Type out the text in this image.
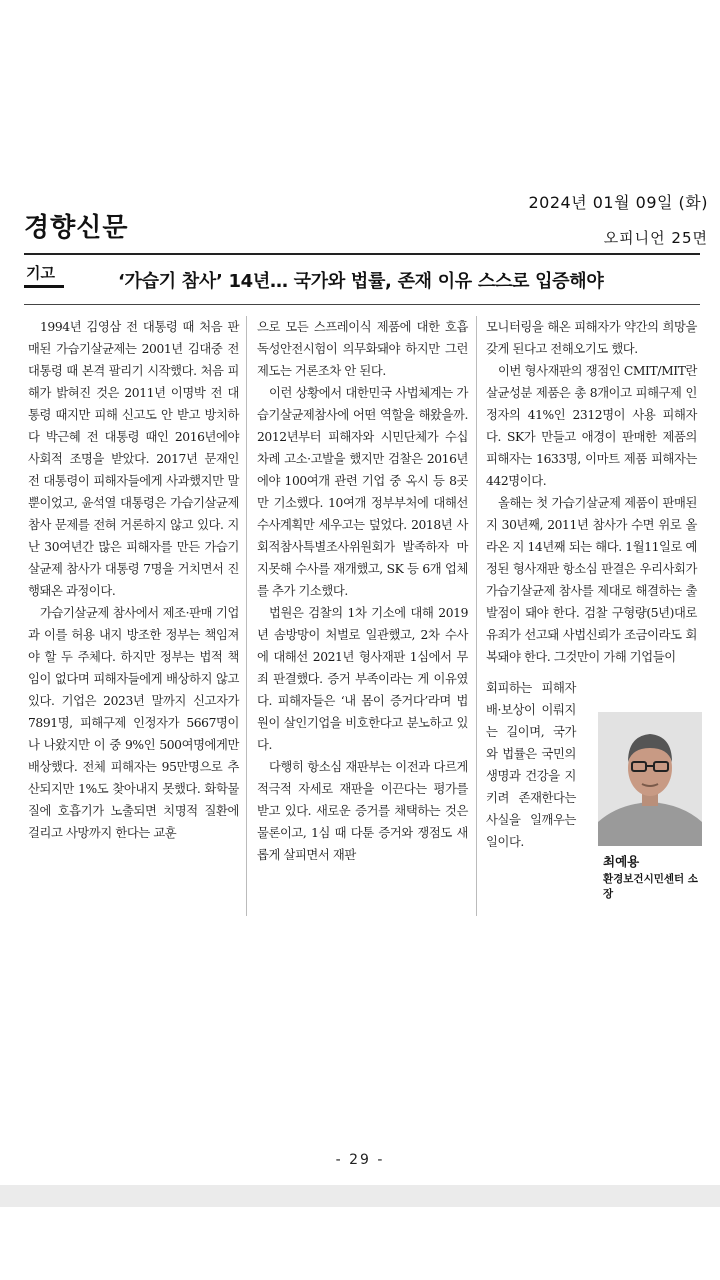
2024년 01월 09일 (화)
경향신문	오피니언 25면
기고	‘가습기 참사’ 14년… 국가와 법률, 존재 이유 스스로 입증해야

1994년 김영삼 전 대통령 때 처음 판매된 가습기살균제는 2001년 김대중 전 대통령 때 본격 팔리기 시작했다. 처음 피해가 밝혀진 것은 2011년 이명박 전 대통령 때지만 피해 신고도 안 받고 방치하다 박근혜 전 대통령 때인 2016년에야 사회적 조명을 받았다. 2017년 문재인 전 대통령이 피해자들에게 사과했지만 말뿐이었고, 윤석열 대통령은 가습기살균제 참사 문제를 전혀 거론하지 않고 있다. 지난 30여년간 많은 피해자를 만든 가습기살균제 참사가 대통령 7명을 거치면서 진행돼온 과정이다.

가습기살균제 참사에서 제조·판매 기업과 이를 허용 내지 방조한 정부는 책임져야 할 두 주체다. 하지만 정부는 법적 책임이 없다며 피해자들에게 배상하지 않고 있다. 기업은 2023년 말까지 신고자가 7891명, 피해구제 인정자가 5667명이나 나왔지만 이 중 9%인 500여명에게만 배상했다. 전체 피해자는 95만명으로 추산되지만 1%도 찾아내지 못했다. 화학물질에 호흡기가 노출되면 치명적 질환에 걸리고 사망까지 한다는 교훈

으로 모든 스프레이식 제품에 대한 호흡독성안전시험이 의무화돼야 하지만 그런 제도는 거론조차 안 된다.

이런 상황에서 대한민국 사법체계는 가습기살균제참사에 어떤 역할을 해왔을까. 2012년부터 피해자와 시민단체가 수십차례 고소·고발을 했지만 검찰은 2016년에야 100여개 관련 기업 중 옥시 등 8곳만 기소했다. 10여개 정부부처에 대해선 수사계획만 세우고는 덮었다. 2018년 사회적참사특별조사위원회가 발족하자 마지못해 수사를 재개했고, SK 등 6개 업체를 추가 기소했다.

법원은 검찰의 1차 기소에 대해 2019년 솜방망이 처벌로 일관했고, 2차 수사에 대해선 2021년 형사재판 1심에서 무죄 판결했다. 증거 부족이라는 게 이유였다. 피해자들은 ‘내 몸이 증거다’라며 법원이 살인기업을 비호한다고 분노하고 있다.

다행히 항소심 재판부는 이전과 다르게 적극적 자세로 재판을 이끈다는 평가를 받고 있다. 새로운 증거를 채택하는 것은 물론이고, 1심 때 다툰 증거와 쟁점도 새롭게 살피면서 재판

모니터링을 해온 피해자가 약간의 희망을 갖게 된다고 전해오기도 했다.

이번 형사재판의 쟁점인 CMIT/MIT란 살균성분 제품은 총 8개이고 피해구제 인정자의 41%인 2312명이 사용 피해자다. SK가 만들고 애경이 판매한 제품의 피해자는 1633명, 이마트 제품 피해자는 442명이다.

올해는 첫 가습기살균제 제품이 판매된 지 30년째, 2011년 참사가 수면 위로 올라온 지 14년째 되는 해다. 1월11일로 예정된 형사재판 항소심 판결은 우리사회가 가습기살균제 참사를 제대로 해결하는 출발점이 돼야 한다. 검찰 구형량(5년)대로 유죄가 선고돼 사법신뢰가 조금이라도 회복돼야 한다. 그것만이 가해 기업들이

회피하는 피해자 배·보상이 이뤄지는 길이며, 국가와 법률은 국민의 생명과 건강을 지키려 존재한다는 사실을 일깨우는 일이다.

최예용
환경보건시민센터 소장
- 29 -
